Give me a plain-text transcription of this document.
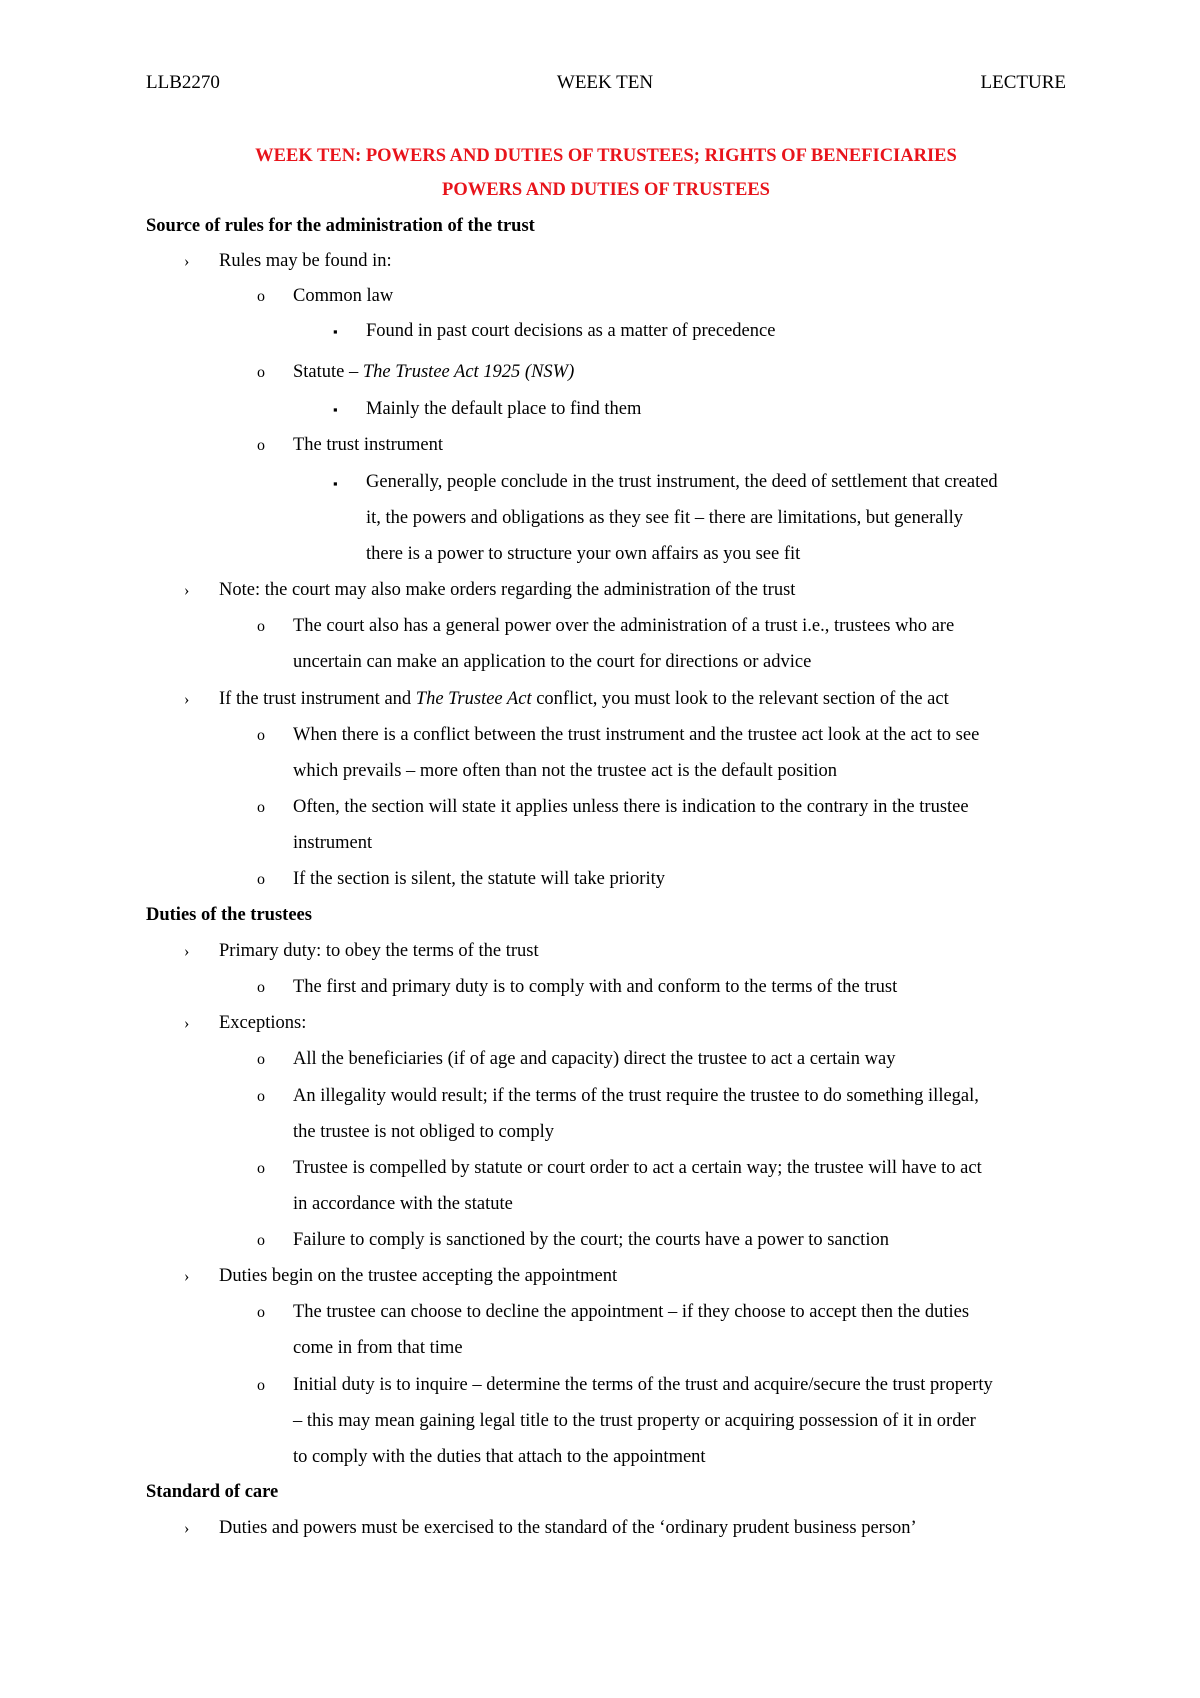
LLB2270	WEEK TEN	LECTURE
WEEK TEN: POWERS AND DUTIES OF TRUSTEES; RIGHTS OF BENEFICIARIES
POWERS AND DUTIES OF TRUSTEES
Source of rules for the administration of the trust
› Rules may be found in:
o Common law
▪ Found in past court decisions as a matter of precedence
o Statute – The Trustee Act 1925 (NSW)
▪ Mainly the default place to find them
o The trust instrument
▪ Generally, people conclude in the trust instrument, the deed of settlement that created
it, the powers and obligations as they see fit – there are limitations, but generally
there is a power to structure your own affairs as you see fit
› Note: the court may also make orders regarding the administration of the trust
o The court also has a general power over the administration of a trust i.e., trustees who are
uncertain can make an application to the court for directions or advice
› If the trust instrument and The Trustee Act conflict, you must look to the relevant section of the act
o When there is a conflict between the trust instrument and the trustee act look at the act to see
which prevails – more often than not the trustee act is the default position
o Often, the section will state it applies unless there is indication to the contrary in the trustee
instrument
o If the section is silent, the statute will take priority
Duties of the trustees
› Primary duty: to obey the terms of the trust
o The first and primary duty is to comply with and conform to the terms of the trust
› Exceptions:
o All the beneficiaries (if of age and capacity) direct the trustee to act a certain way
o An illegality would result; if the terms of the trust require the trustee to do something illegal,
the trustee is not obliged to comply
o Trustee is compelled by statute or court order to act a certain way; the trustee will have to act
in accordance with the statute
o Failure to comply is sanctioned by the court; the courts have a power to sanction
› Duties begin on the trustee accepting the appointment
o The trustee can choose to decline the appointment – if they choose to accept then the duties
come in from that time
o Initial duty is to inquire – determine the terms of the trust and acquire/secure the trust property
– this may mean gaining legal title to the trust property or acquiring possession of it in order
to comply with the duties that attach to the appointment
Standard of care
› Duties and powers must be exercised to the standard of the ‘ordinary prudent business person’
